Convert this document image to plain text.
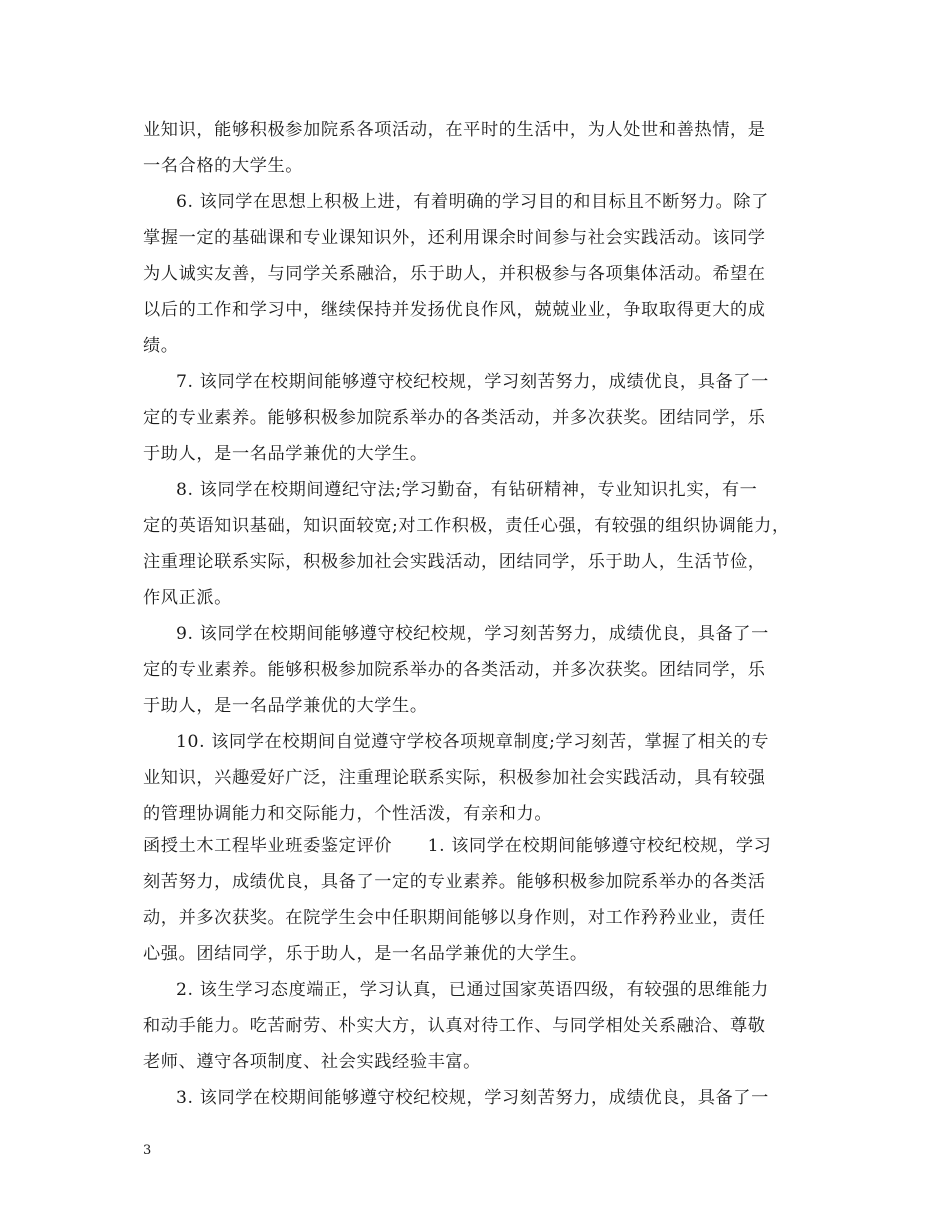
业知识，能够积极参加院系各项活动，在平时的生活中，为人处世和善热情，是
一名合格的大学生。
6. 该同学在思想上积极上进，有着明确的学习目的和目标且不断努力。除了
掌握一定的基础课和专业课知识外，还利用课余时间参与社会实践活动。该同学
为人诚实友善，与同学关系融洽，乐于助人，并积极参与各项集体活动。希望在
以后的工作和学习中，继续保持并发扬优良作风，兢兢业业，争取取得更大的成
绩。
7. 该同学在校期间能够遵守校纪校规，学习刻苦努力，成绩优良，具备了一
定的专业素养。能够积极参加院系举办的各类活动，并多次获奖。团结同学，乐
于助人，是一名品学兼优的大学生。
8. 该同学在校期间遵纪守法;学习勤奋，有钻研精神，专业知识扎实，有一
定的英语知识基础，知识面较宽;对工作积极，责任心强，有较强的组织协调能力，
注重理论联系实际，积极参加社会实践活动，团结同学，乐于助人，生活节俭，
作风正派。
9. 该同学在校期间能够遵守校纪校规，学习刻苦努力，成绩优良，具备了一
定的专业素养。能够积极参加院系举办的各类活动，并多次获奖。团结同学，乐
于助人，是一名品学兼优的大学生。
10. 该同学在校期间自觉遵守学校各项规章制度;学习刻苦，掌握了相关的专
业知识，兴趣爱好广泛，注重理论联系实际，积极参加社会实践活动，具有较强
的管理协调能力和交际能力，个性活泼，有亲和力。
函授土木工程毕业班委鉴定评价　　1. 该同学在校期间能够遵守校纪校规，学习
刻苦努力，成绩优良，具备了一定的专业素养。能够积极参加院系举办的各类活
动，并多次获奖。在院学生会中任职期间能够以身作则，对工作矜矜业业，责任
心强。团结同学，乐于助人，是一名品学兼优的大学生。
2. 该生学习态度端正，学习认真，已通过国家英语四级，有较强的思维能力
和动手能力。吃苦耐劳、朴实大方，认真对待工作、与同学相处关系融洽、尊敬
老师、遵守各项制度、社会实践经验丰富。
3. 该同学在校期间能够遵守校纪校规，学习刻苦努力，成绩优良，具备了一
3
